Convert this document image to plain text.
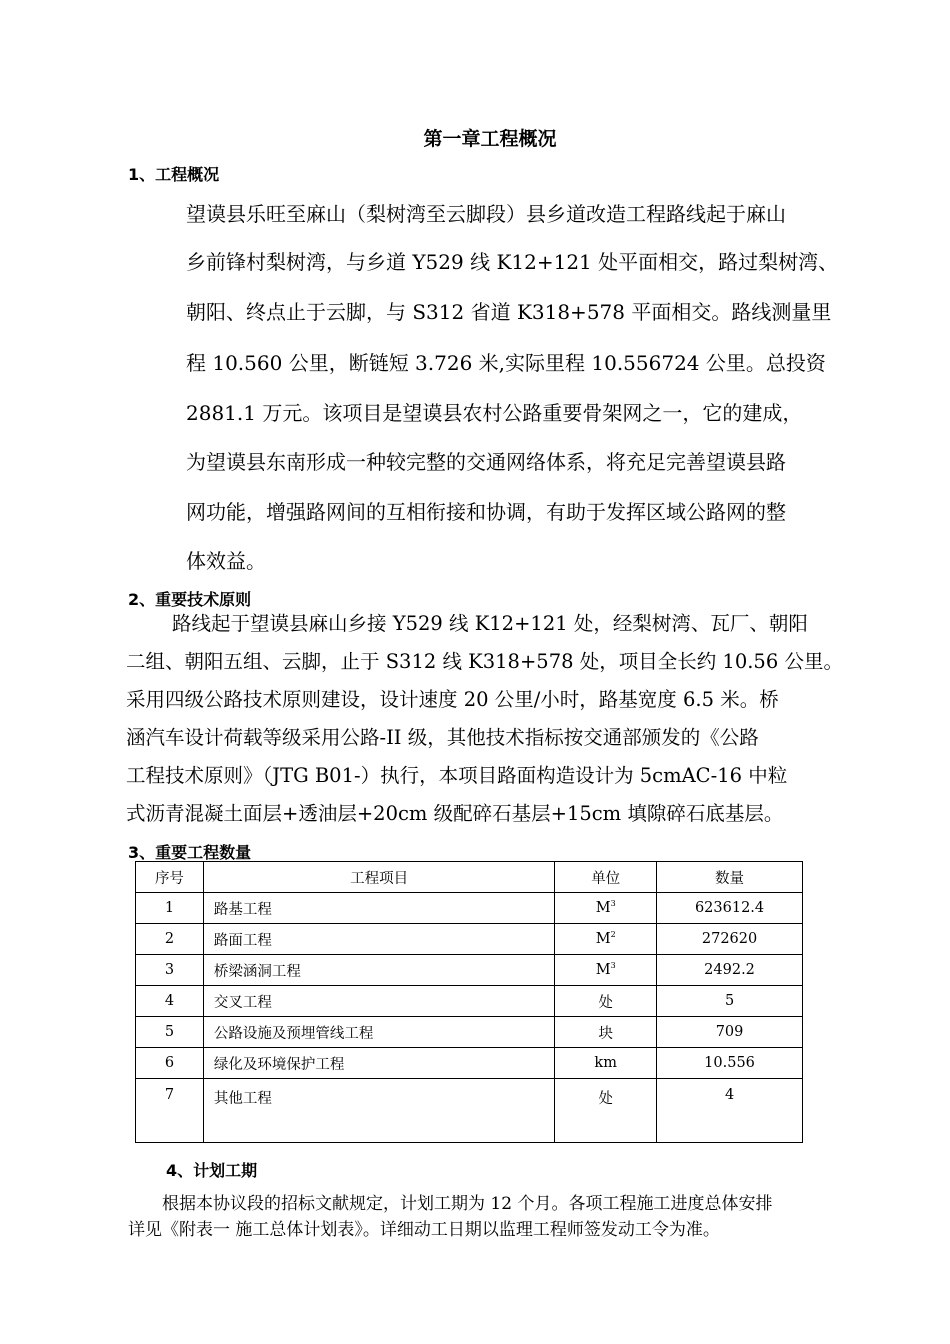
第一章工程概况
1、工程概况
望谟县乐旺至麻山（梨树湾至云脚段）县乡道改造工程路线起于麻山
乡前锋村梨树湾，与乡道 Y529 线 K12+121 处平面相交，路过梨树湾、
朝阳、终点止于云脚，与 S312 省道 K318+578 平面相交。路线测量里
程 10.560 公里，断链短 3.726 米,实际里程 10.556724 公里。总投资
2881.1 万元。该项目是望谟县农村公路重要骨架网之一，它的建成，
为望谟县东南形成一种较完整的交通网络体系，将充足完善望谟县路
网功能，增强路网间的互相衔接和协调，有助于发挥区域公路网的整
体效益。
2、重要技术原则
路线起于望谟县麻山乡接 Y529 线 K12+121 处，经梨树湾、瓦厂、朝阳
二组、朝阳五组、云脚，止于 S312 线 K318+578 处，项目全长约 10.56 公里。
采用四级公路技术原则建设，设计速度 20 公里/小时，路基宽度 6.5 米。桥
涵汽车设计荷载等级采用公路-II 级，其他技术指标按交通部颁发的《公路
工程技术原则》（JTG B01-）执行，本项目路面构造设计为 5cmAC-16 中粒
式沥青混凝土面层+透油层+20cm 级配碎石基层+15cm 填隙碎石底基层。
3、重要工程数量
序号	工程项目	单位	数量
1	路基工程	$M^3$	623612.4
2	路面工程	$M^2$	272620
3	桥梁涵洞工程	$M^3$	2492.2
4	交叉工程	处	5
5	公路设施及预埋管线工程	块	709
6	绿化及环境保护工程	km	10.556
7	其他工程	处	4
4、计划工期
根据本协议段的招标文献规定，计划工期为 12 个月。各项工程施工进度总体安排
详见《附表一 施工总体计划表》。详细动工日期以监理工程师签发动工令为准。
